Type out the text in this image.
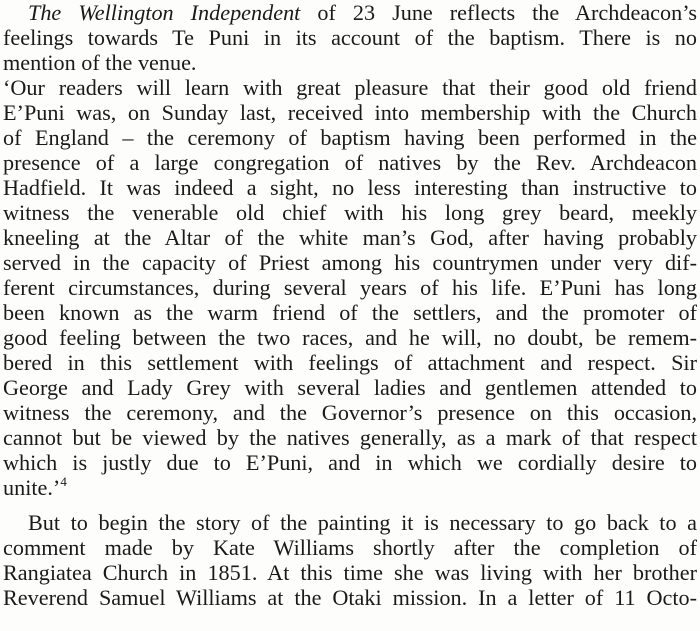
The Wellington Independent of 23 June reflects the Archdeacon’s
feelings towards Te Puni in its account of the baptism. There is no
mention of the venue.
‘Our readers will learn with great pleasure that their good old friend
E’Puni was, on Sunday last, received into membership with the Church
of England – the ceremony of baptism having been performed in the
presence of a large congregation of natives by the Rev. Archdeacon
Hadfield. It was indeed a sight, no less interesting than instructive to
witness the venerable old chief with his long grey beard, meekly
kneeling at the Altar of the white man’s God, after having probably
served in the capacity of Priest among his countrymen under very dif-
ferent circumstances, during several years of his life. E’Puni has long
been known as the warm friend of the settlers, and the promoter of
good feeling between the two races, and he will, no doubt, be remem-
bered in this settlement with feelings of attachment and respect. Sir
George and Lady Grey with several ladies and gentlemen attended to
witness the ceremony, and the Governor’s presence on this occasion,
cannot but be viewed by the natives generally, as a mark of that respect
which is justly due to E’Puni, and in which we cordially desire to
unite.’$^4$
But to begin the story of the painting it is necessary to go back to a
comment made by Kate Williams shortly after the completion of
Rangiatea Church in 1851. At this time she was living with her brother
Reverend Samuel Williams at the Otaki mission. In a letter of 11 Octo-
